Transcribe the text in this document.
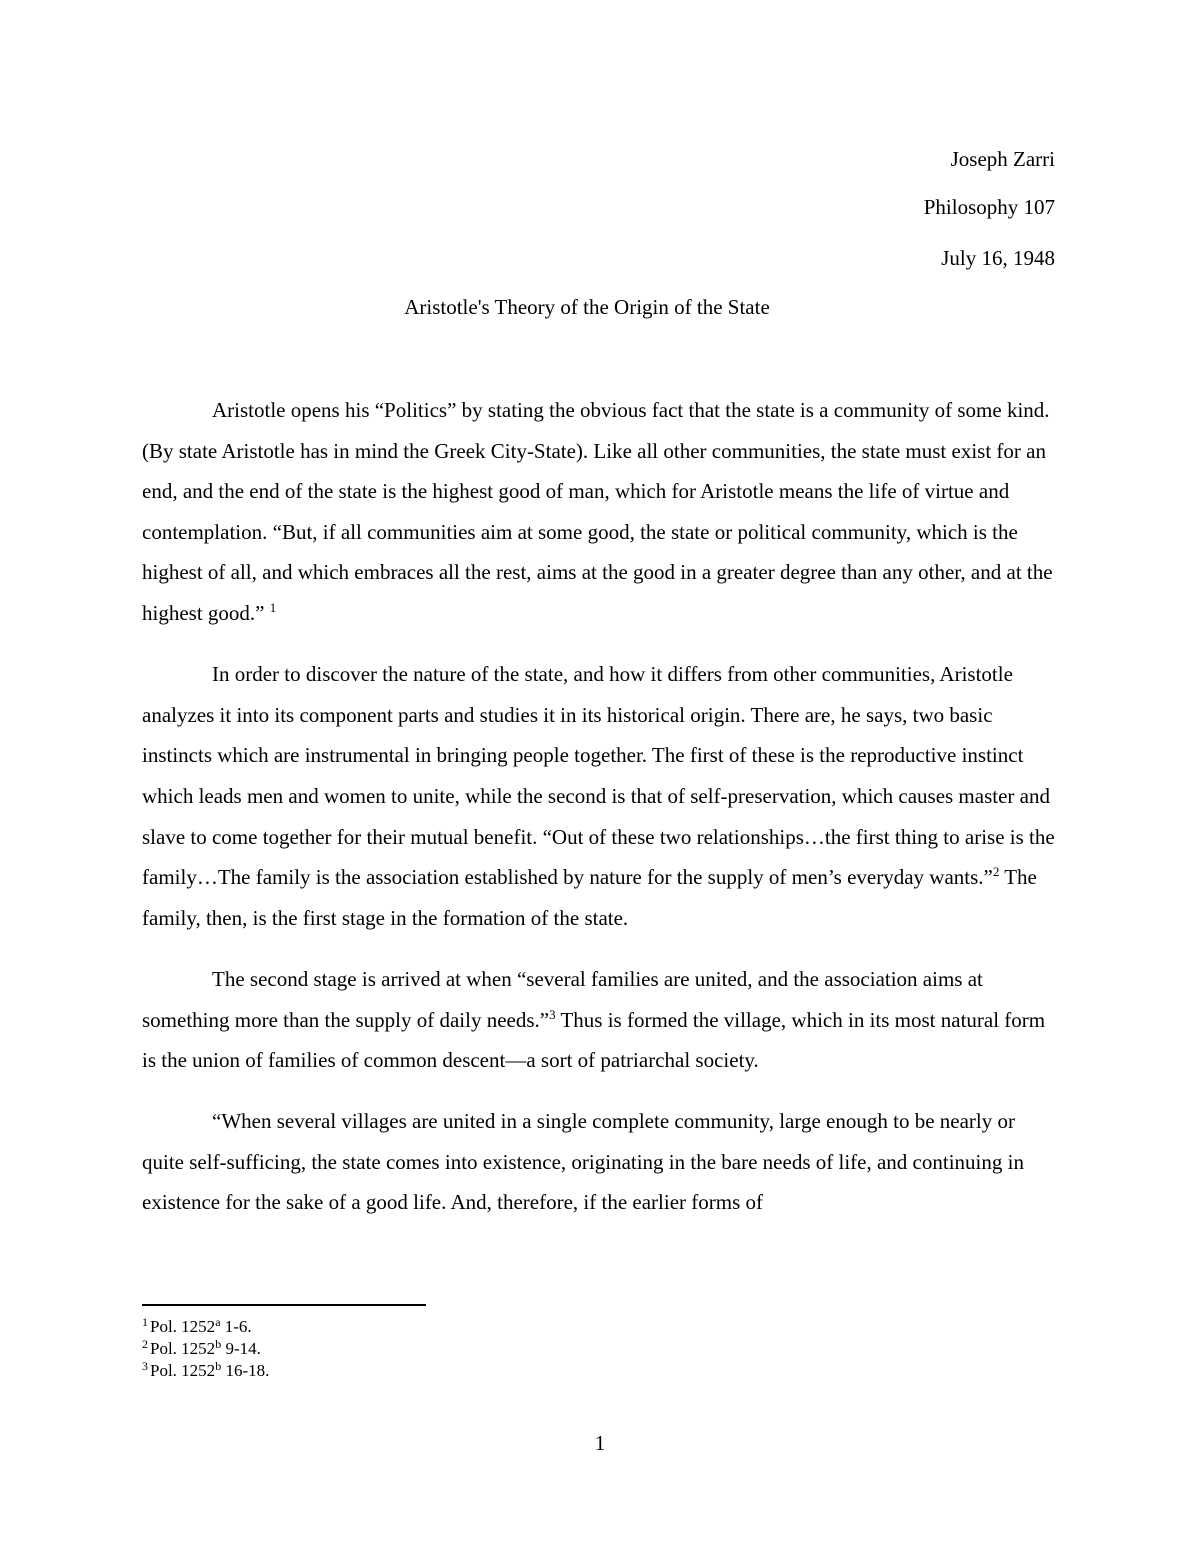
Joseph Zarri
Philosophy 107
July 16, 1948
Aristotle's Theory of the Origin of the State

Aristotle opens his “Politics” by stating the obvious fact that the state is a community of some kind. (By state Aristotle has in mind the Greek City-State). Like all other communities, the state must exist for an end, and the end of the state is the highest good of man, which for Aristotle means the life of virtue and contemplation. “But, if all communities aim at some good, the state or political community, which is the highest of all, and which embraces all the rest, aims at the good in a greater degree than any other, and at the highest good.” $^1$

In order to discover the nature of the state, and how it differs from other communities, Aristotle analyzes it into its component parts and studies it in its historical origin. There are, he says, two basic instincts which are instrumental in bringing people together. The first of these is the reproductive instinct which leads men and women to unite, while the second is that of self-preservation, which causes master and slave to come together for their mutual benefit. “Out of these two relationships…the first thing to arise is the family…The family is the association established by nature for the supply of men’s everyday wants.”$^2$ The family, then, is the first stage in the formation of the state.

The second stage is arrived at when “several families are united, and the association aims at something more than the supply of daily needs.”$^3$ Thus is formed the village, which in its most natural form is the union of families of common descent—a sort of patriarchal society.

“When several villages are united in a single complete community, large enough to be nearly or quite self-sufficing, the state comes into existence, originating in the bare needs of life, and continuing in existence for the sake of a good life. And, therefore, if the earlier forms of

$^1$ Pol. 1252$^a$ 1-6.
$^2$ Pol. 1252$^b$ 9-14.
$^3$ Pol. 1252$^b$ 16-18.
1
